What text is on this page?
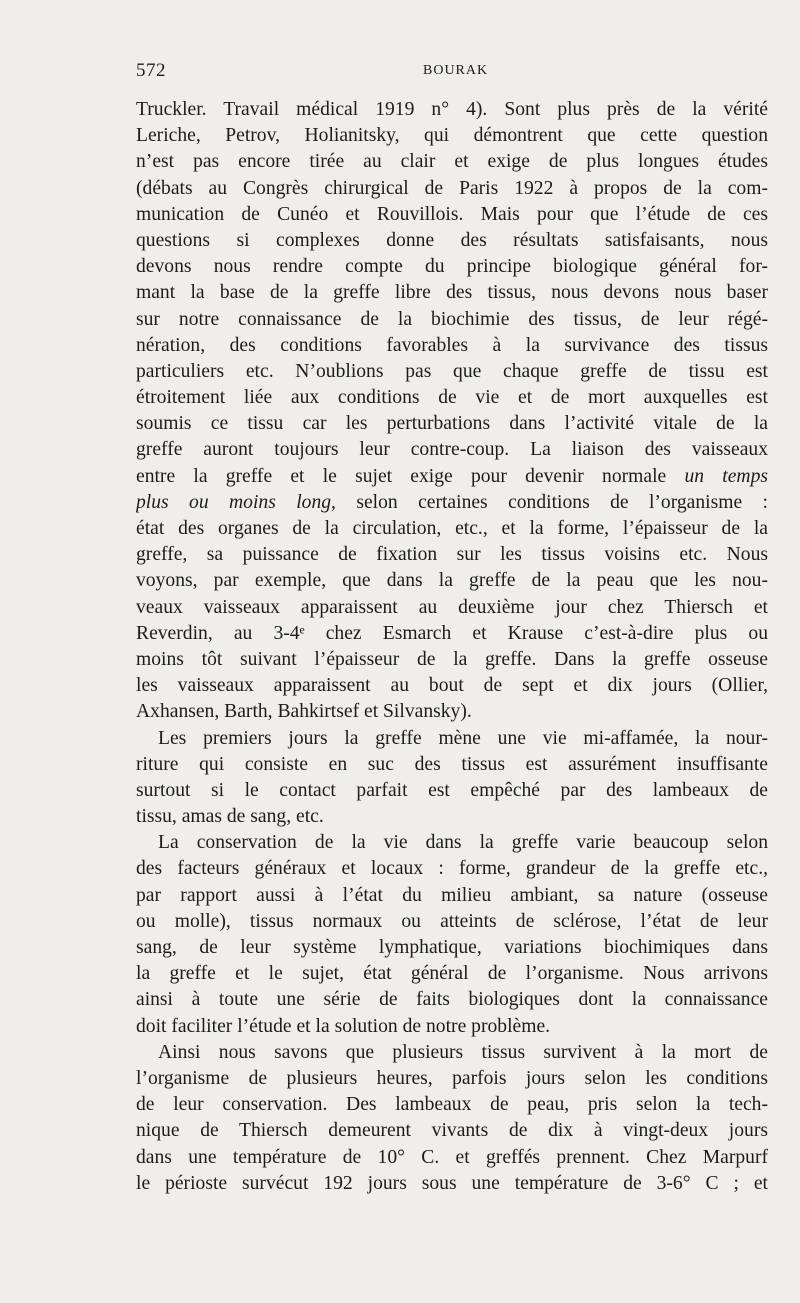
572	BOURAK
Truckler. Travail médical 1919 n° 4). Sont plus près de la vérité
Leriche, Petrov, Holianitsky, qui démontrent que cette question
n’est pas encore tirée au clair et exige de plus longues études
(débats au Congrès chirurgical de Paris 1922 à propos de la com-
munication de Cunéo et Rouvillois. Mais pour que l’étude de ces
questions si complexes donne des résultats satisfaisants, nous
devons nous rendre compte du principe biologique général for-
mant la base de la greffe libre des tissus, nous devons nous baser
sur notre connaissance de la biochimie des tissus, de leur régé-
nération, des conditions favorables à la survivance des tissus
particuliers etc. N’oublions pas que chaque greffe de tissu est
étroitement liée aux conditions de vie et de mort auxquelles est
soumis ce tissu car les perturbations dans l’activité vitale de la
greffe auront toujours leur contre-coup. La liaison des vaisseaux
entre la greffe et le sujet exige pour devenir normale un temps
plus ou moins long, selon certaines conditions de l’organisme :
état des organes de la circulation, etc., et la forme, l’épaisseur de la
greffe, sa puissance de fixation sur les tissus voisins etc. Nous
voyons, par exemple, que dans la greffe de la peau que les nou-
veaux vaisseaux apparaissent au deuxième jour chez Thiersch et
Reverdin, au 3-4ᵉ chez Esmarch et Krause c’est-à-dire plus ou
moins tôt suivant l’épaisseur de la greffe. Dans la greffe osseuse
les vaisseaux apparaissent au bout de sept et dix jours (Ollier,
Axhansen, Barth, Bahkirtsef et Silvansky).
Les premiers jours la greffe mène une vie mi-affamée, la nour-
riture qui consiste en suc des tissus est assurément insuffisante
surtout si le contact parfait est empêché par des lambeaux de
tissu, amas de sang, etc.
La conservation de la vie dans la greffe varie beaucoup selon
des facteurs généraux et locaux : forme, grandeur de la greffe etc.,
par rapport aussi à l’état du milieu ambiant, sa nature (osseuse
ou molle), tissus normaux ou atteints de sclérose, l’état de leur
sang, de leur système lymphatique, variations biochimiques dans
la greffe et le sujet, état général de l’organisme. Nous arrivons
ainsi à toute une série de faits biologiques dont la connaissance
doit faciliter l’étude et la solution de notre problème.
Ainsi nous savons que plusieurs tissus survivent à la mort de
l’organisme de plusieurs heures, parfois jours selon les conditions
de leur conservation. Des lambeaux de peau, pris selon la tech-
nique de Thiersch demeurent vivants de dix à vingt-deux jours
dans une température de 10° C. et greffés prennent. Chez Marpurf
le périoste survécut 192 jours sous une température de 3-6° C ; et
